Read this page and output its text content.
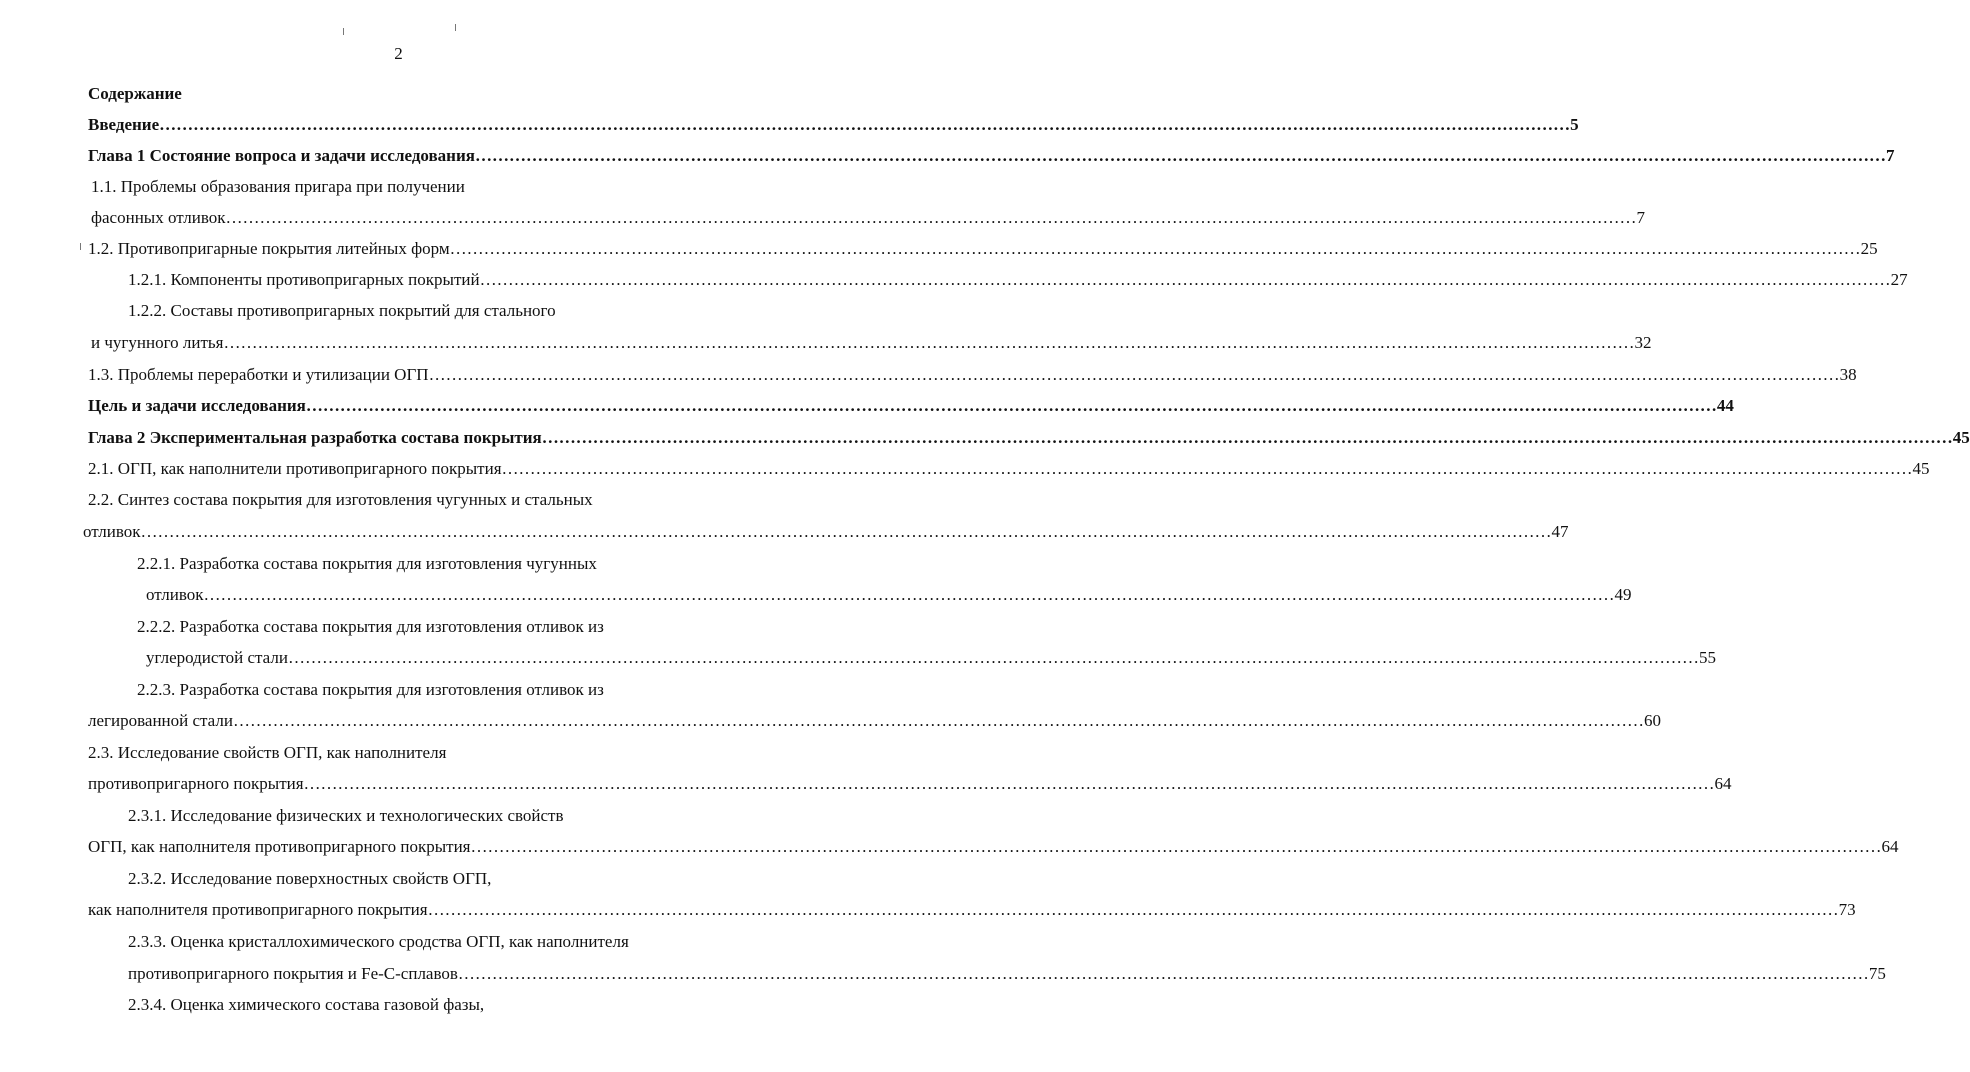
2
Содержание
Введение …………………………………………………………………………………………………………………………………………………………………………………………………………………………… 5
Глава 1 Состояние вопроса и задачи исследования …………………………………………………………………………………………………………………………………………………………………………………………………………………………… 7
1.1. Проблемы образования пригара при получении
фасонных отливок …………………………………………………………………………………………………………………………………………………………………………………………………………………………… 7
1.2. Противопригарные покрытия литейных форм …………………………………………………………………………………………………………………………………………………………………………………………………………………………… 25
1.2.1. Компоненты противопригарных покрытий …………………………………………………………………………………………………………………………………………………………………………………………………………………………… 27
1.2.2. Составы противопригарных покрытий для стального
и чугунного литья …………………………………………………………………………………………………………………………………………………………………………………………………………………………… 32
1.3. Проблемы переработки и утилизации ОГП …………………………………………………………………………………………………………………………………………………………………………………………………………………………… 38
Цель и задачи исследования …………………………………………………………………………………………………………………………………………………………………………………………………………………………… 44
Глава 2 Экспериментальная разработка состава покрытия …………………………………………………………………………………………………………………………………………………………………………………………………………………………… 45
2.1. ОГП, как наполнители противопригарного покрытия …………………………………………………………………………………………………………………………………………………………………………………………………………………………… 45
2.2. Синтез состава покрытия для изготовления чугунных и стальных
отливок …………………………………………………………………………………………………………………………………………………………………………………………………………………………… 47
2.2.1. Разработка состава покрытия для изготовления чугунных
отливок …………………………………………………………………………………………………………………………………………………………………………………………………………………………… 49
2.2.2. Разработка состава покрытия для изготовления отливок из
углеродистой стали …………………………………………………………………………………………………………………………………………………………………………………………………………………………… 55
2.2.3. Разработка состава покрытия для изготовления отливок из
легированной стали …………………………………………………………………………………………………………………………………………………………………………………………………………………………… 60
2.3. Исследование свойств ОГП, как наполнителя
противопригарного покрытия …………………………………………………………………………………………………………………………………………………………………………………………………………………………… 64
2.3.1. Исследование физических и технологических свойств
ОГП, как наполнителя противопригарного покрытия …………………………………………………………………………………………………………………………………………………………………………………………………………………………… 64
2.3.2. Исследование поверхностных свойств ОГП,
как наполнителя противопригарного покрытия …………………………………………………………………………………………………………………………………………………………………………………………………………………………… 73
2.3.3. Оценка кристаллохимического сродства ОГП, как наполнителя
противопригарного покрытия и Fe-C-сплавов …………………………………………………………………………………………………………………………………………………………………………………………………………………………… 75
2.3.4. Оценка химического состава газовой фазы,
